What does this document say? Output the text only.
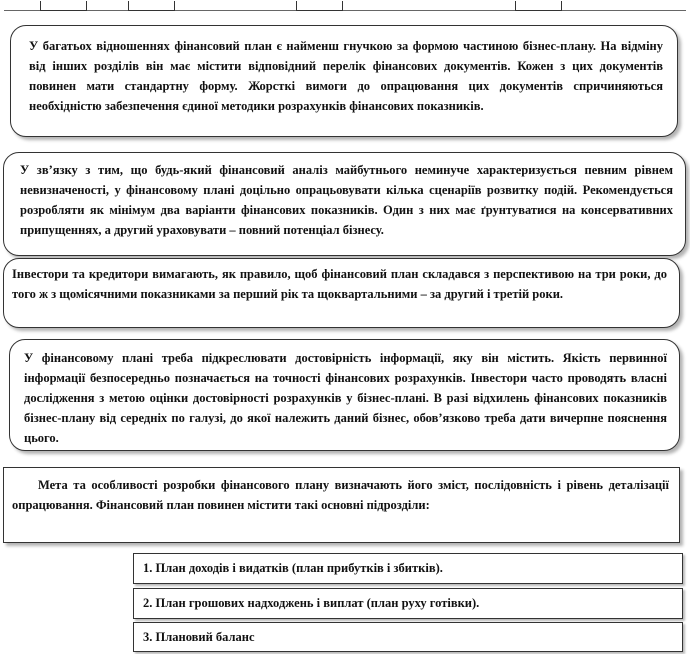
У багатьох відношеннях фінансовий план є найменш гнучкою за формою частиною бізнес-плану. На відміну від інших розділів він має містити відповідний перелік фінансових документів. Кожен з цих документів повинен мати стандартну форму. Жорсткі вимоги до опрацювання цих документів спричиняються необхідністю забезпечення єдиної методики розрахунків фінансових показників.
У зв’язку з тим, що будь-який фінансовий аналіз майбутнього неминуче характеризується певним рівнем невизначеності, у фінансовому плані доцільно опрацьовувати кілька сценаріїв розвитку подій. Рекомендується розробляти як мінімум два варіанти фінансових показників. Один з них має ґрунтуватися на консервативних припущеннях, а другий ураховувати – повний потенціал бізнесу.
Інвестори та кредитори вимагають, як правило, щоб фінансовий план складався з перспективою на три роки, до того ж з щомісячними показниками за перший рік та щоквартальними – за другий і третій роки.
У фінансовому плані треба підкреслювати достовірність інформації, яку він містить. Якість первинної інформації безпосередньо позначається на точності фінансових розрахунків. Інвестори часто проводять власні дослідження з метою оцінки достовірності розрахунків у бізнес-плані. В разі відхилень фінансових показників бізнес-плану від середніх по галузі, до якої належить даний бізнес, обов’язково треба дати вичерпне пояснення цього.
Мета та особливості розробки фінансового плану визначають його зміст, послідовність і рівень деталізації опрацювання. Фінансовий план повинен містити такі основні підрозділи:
1. План доходів і видатків (план прибутків і збитків).
2. План грошових надходжень і виплат (план руху готівки).
3. Плановий баланс
